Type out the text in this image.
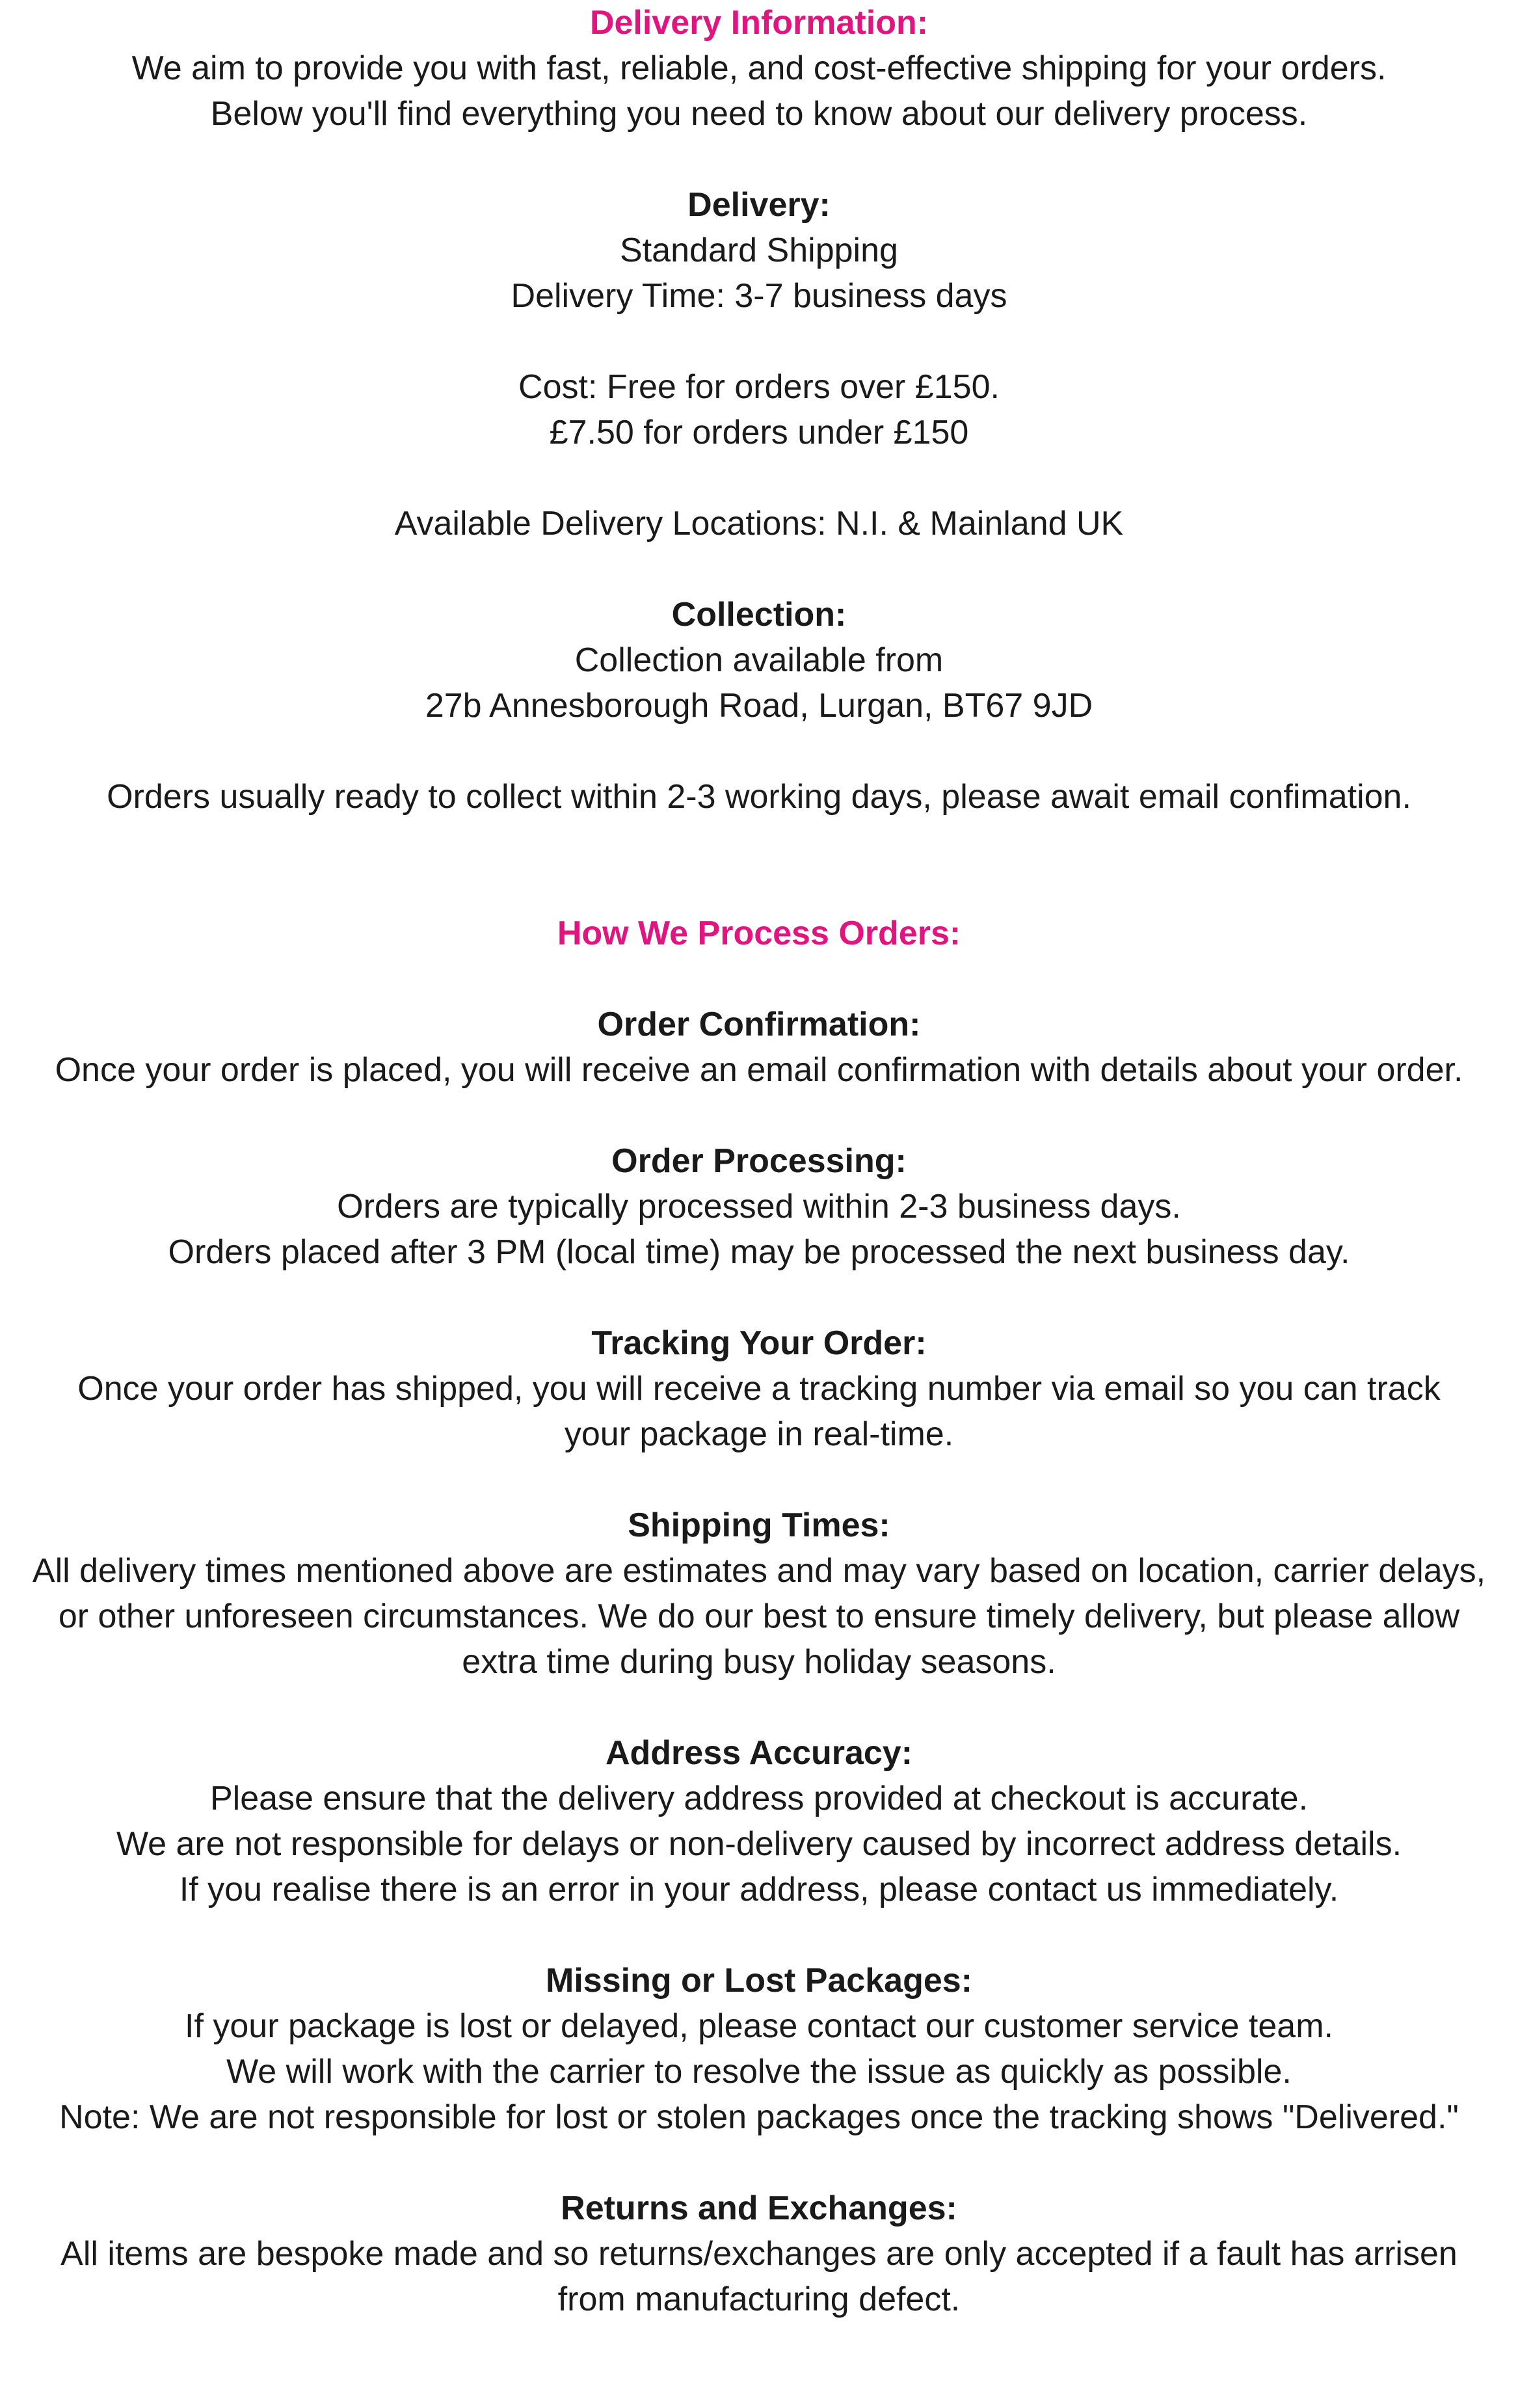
Delivery Information:
We aim to provide you with fast, reliable, and cost-effective shipping for your orders.
Below you'll find everything you need to know about our delivery process.
Delivery:
Standard Shipping
Delivery Time: 3-7 business days
Cost: Free for orders over £150.
£7.50 for orders under £150
Available Delivery Locations: N.I. & Mainland UK
Collection:
Collection available from
27b Annesborough Road, Lurgan, BT67 9JD
Orders usually ready to collect within 2-3 working days, please await email confimation.
How We Process Orders:
Order Confirmation:
Once your order is placed, you will receive an email confirmation with details about your order.
Order Processing:
Orders are typically processed within 2-3 business days.
Orders placed after 3 PM (local time) may be processed the next business day.
Tracking Your Order:
Once your order has shipped, you will receive a tracking number via email so you can track
your package in real-time.
Shipping Times:
All delivery times mentioned above are estimates and may vary based on location, carrier delays,
or other unforeseen circumstances. We do our best to ensure timely delivery, but please allow
extra time during busy holiday seasons.
Address Accuracy:
Please ensure that the delivery address provided at checkout is accurate.
We are not responsible for delays or non-delivery caused by incorrect address details.
If you realise there is an error in your address, please contact us immediately.
Missing or Lost Packages:
If your package is lost or delayed, please contact our customer service team.
We will work with the carrier to resolve the issue as quickly as possible.
Note: We are not responsible for lost or stolen packages once the tracking shows "Delivered."
Returns and Exchanges:
All items are bespoke made and so returns/exchanges are only accepted if a fault has arrisen
from manufacturing defect.
